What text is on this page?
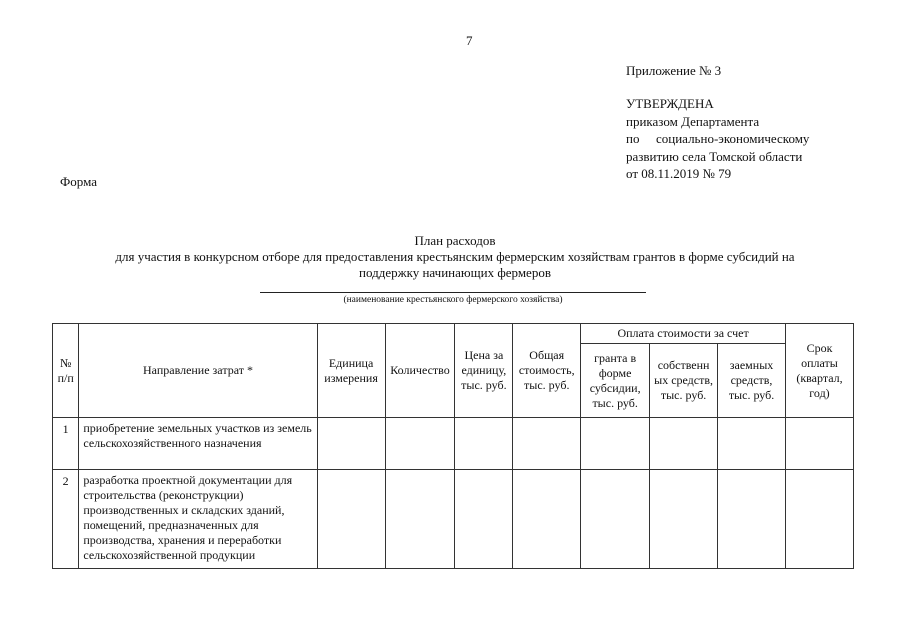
7
Приложение № 3
УТВЕРЖДЕНА
приказом Департамента
по социально-экономическому
развитию села Томской области
от 08.11.2019 № 79
Форма
План расходов
для участия в конкурсном отборе для предоставления крестьянским фермерским хозяйствам грантов в форме субсидий на
поддержку начинающих фермеров
(наименование крестьянского фермерского хозяйства)
№ п/п	Направление затрат *	Единица измерения	Количество	Цена за единицу, тыс. руб.	Общая стоимость, тыс. руб.	Оплата стоимости за счет			Срок оплаты (квартал, год)
						гранта в форме субсидии, тыс. руб.	собственн ых средств, тыс. руб.	заемных средств, тыс. руб.	
1	приобретение земельных участков из земель сельскохозяйственного назначения								
2	разработка проектной документации для строительства (реконструкции) производственных и складских зданий, помещений, предназначенных для производства, хранения и переработки сельскохозяйственной продукции								
